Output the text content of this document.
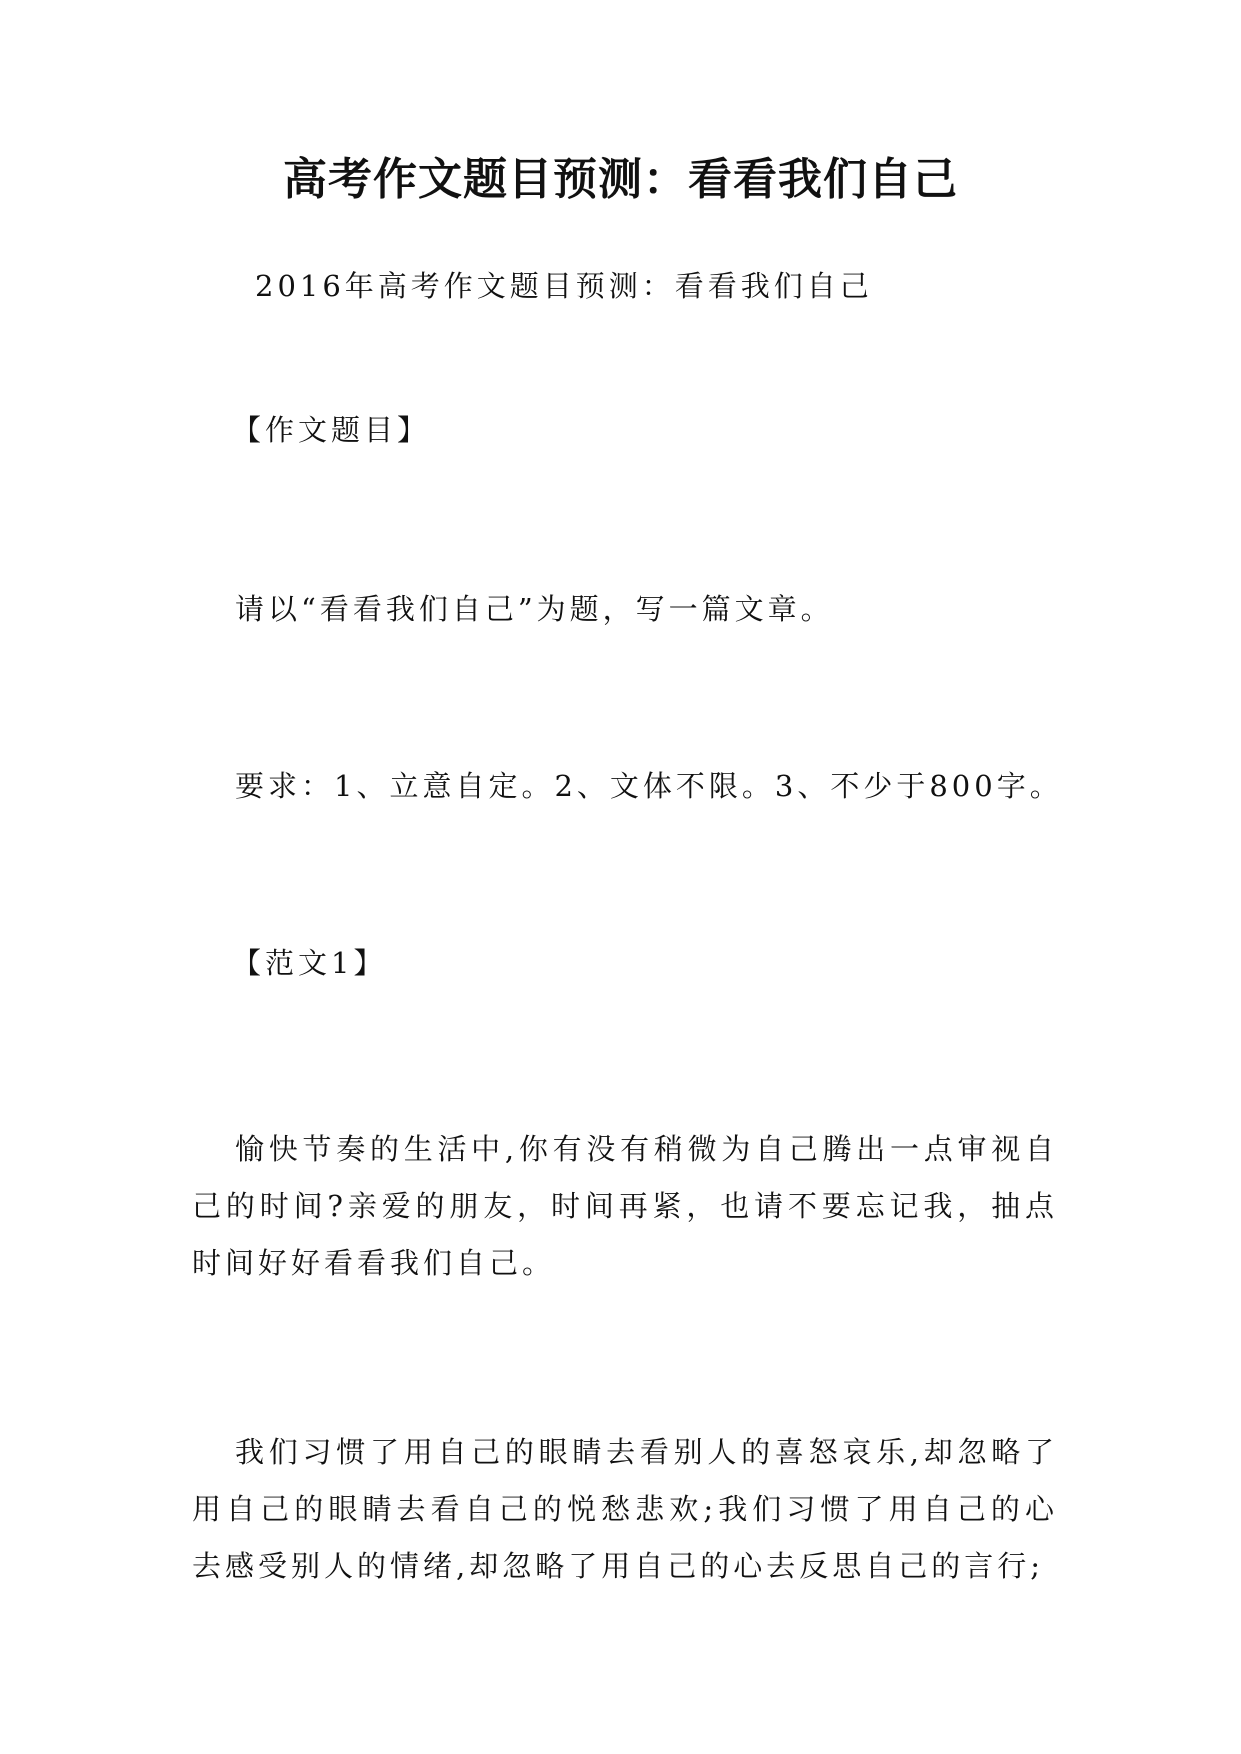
高考作文题目预测：看看我们自己
2016年高考作文题目预测：看看我们自己
【作文题目】
请以“看看我们自己”为题，写一篇文章。
要求：1、立意自定。2、文体不限。3、不少于800字。
【范文1】
愉快节奏的生活中,你有没有稍微为自己腾出一点审视自己的时间?亲爱的朋友，时间再紧，也请不要忘记我，抽点时间好好看看我们自己。
我们习惯了用自己的眼睛去看别人的喜怒哀乐,却忽略了用自己的眼睛去看自己的悦愁悲欢;我们习惯了用自己的心去感受别人的情绪,却忽略了用自己的心去反思自己的言行;
